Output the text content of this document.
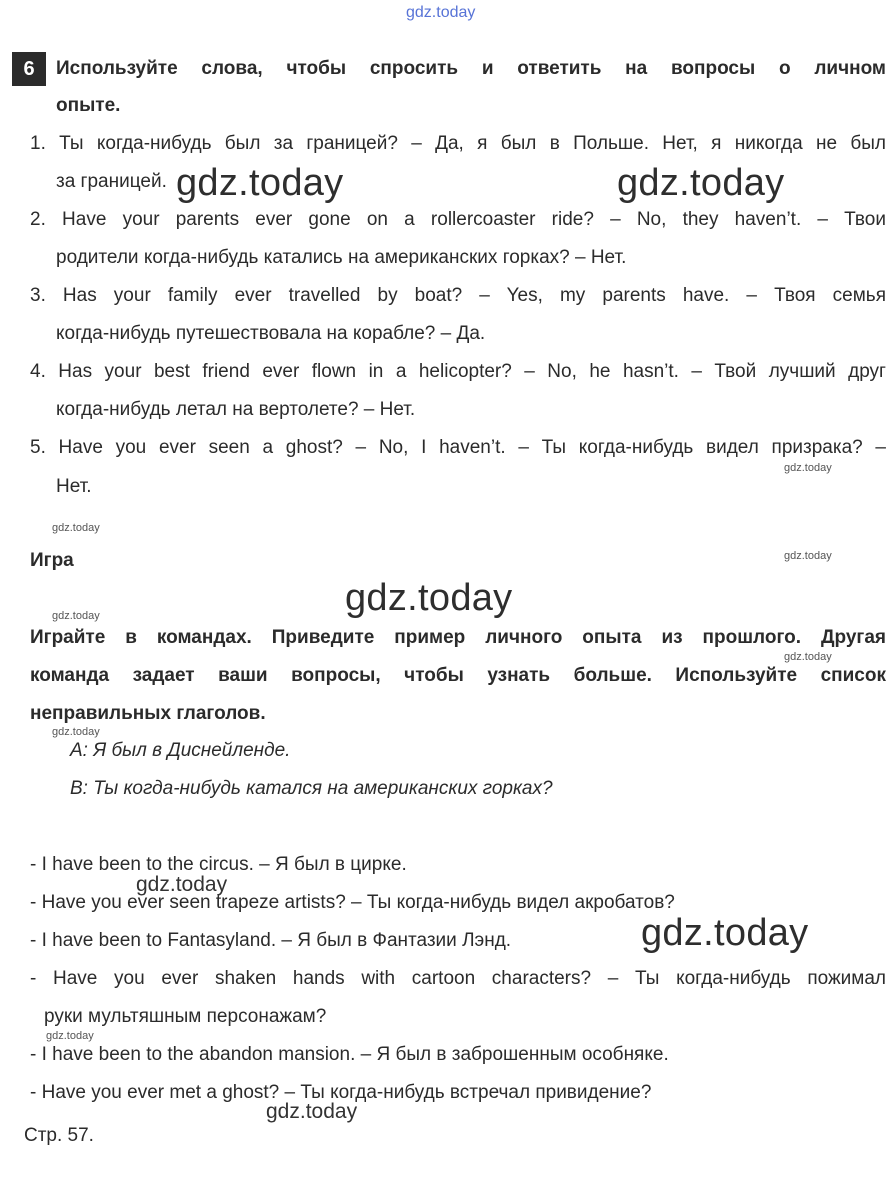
gdz.today
6	Используйте слова, чтобы спросить и ответить на вопросы о личном
опыте.
1. Ты когда-нибудь был за границей? – Да, я был в Польше. Нет, я никогда не был
за границей.
2. Have your parents ever gone on a rollercoaster ride? – No, they haven’t. – Твои
родители когда-нибудь катались на американских горках? – Нет.
3. Has your family ever travelled by boat? – Yes, my parents have. – Твоя семья
когда-нибудь путешествовала на корабле? – Да.
4. Has your best friend ever flown in a helicopter? – No, he hasn’t. – Твой лучший друг
когда-нибудь летал на вертолете? – Нет.
5. Have you ever seen a ghost? – No, I haven’t. – Ты когда-нибудь видел призрака? –
Нет.
Игра
Играйте в командах. Приведите пример личного опыта из прошлого. Другая
команда задает ваши вопросы, чтобы узнать больше. Используйте список
неправильных глаголов.
A: Я был в Диснейленде.
B: Ты когда-нибудь катался на американских горках?
- I have been to the circus. – Я был в цирке.
- Have you ever seen trapeze artists? – Ты когда-нибудь видел акробатов?
- I have been to Fantasyland. – Я был в Фантазии Лэнд.
- Have you ever shaken hands with cartoon characters? – Ты когда-нибудь пожимал
руки мультяшным персонажам?
- I have been to the abandon mansion. – Я был в заброшенным особняке.
- Have you ever met a ghost? – Ты когда-нибудь встречал привидение?
Стр. 57.
gdz.today	gdz.today
gdz.today
gdz.today
gdz.today
gdz.today
gdz.today
gdz.today
gdz.today
gdz.today
gdz.today
gdz.today
gdz.today
